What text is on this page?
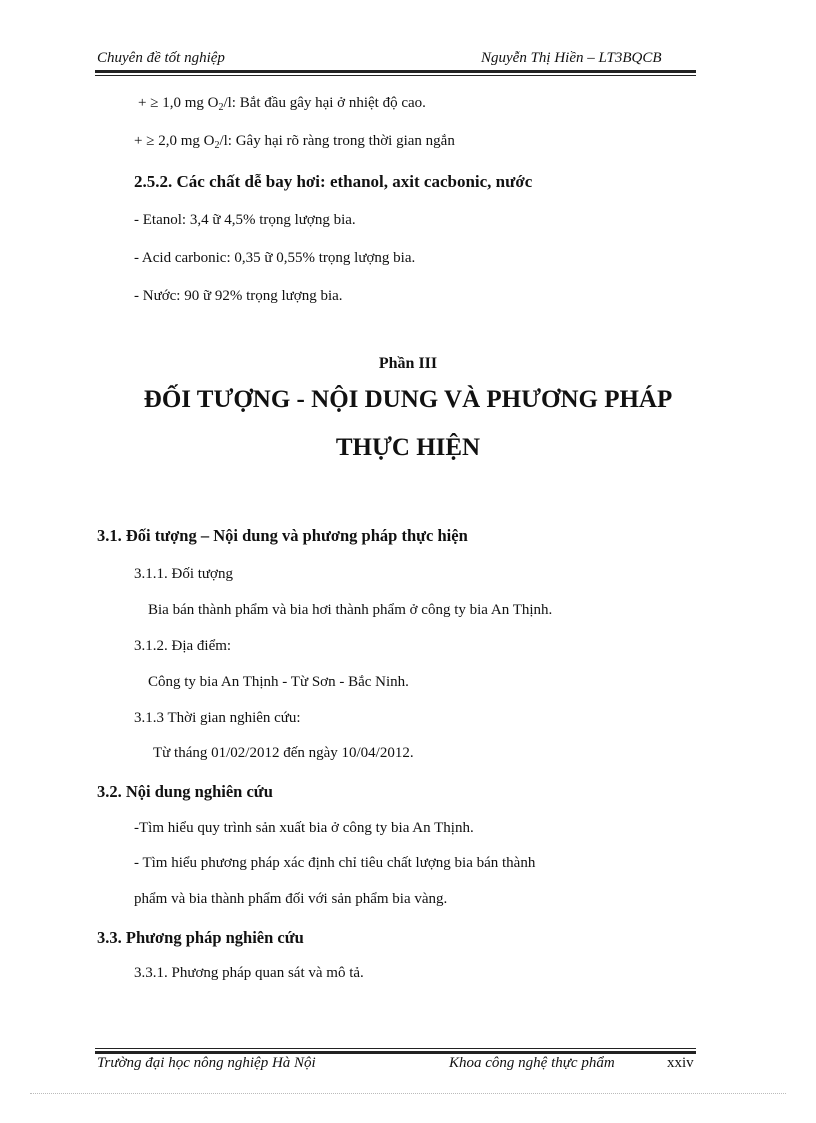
Chuyên đề tốt nghiệp	Nguyễn Thị Hiền – LT3BQCB
+ ≥ 1,0 mg $O_2/l$: Bắt đầu gây hại ở nhiệt độ cao.
+ ≥ 2,0 mg $O_2/l$: Gây hại rõ ràng trong thời gian ngắn
2.5.2. Các chất dễ bay hơi: ethanol, axit cacbonic, nước
- Etanol: 3,4 ữ 4,5% trọng lượng bia.
- Acid carbonic: 0,35 ữ 0,55% trọng lượng bia.
- Nước: 90 ữ 92% trọng lượng bia.
Phần III
ĐỐI TƯỢNG - NỘI DUNG VÀ PHƯƠNG PHÁP
THỰC HIỆN
3.1. Đối tượng – Nội dung và phương pháp thực hiện
3.1.1. Đối tượng
Bia bán thành phẩm và bia hơi thành phẩm ở công ty bia An Thịnh.
3.1.2. Địa điểm:
Công ty bia An Thịnh - Từ Sơn - Bắc Ninh.
3.1.3 Thời gian nghiên cứu:
Từ tháng 01/02/2012 đến ngày 10/04/2012.
3.2. Nội dung nghiên cứu
-Tìm hiểu quy trình sản xuất bia ở công ty bia An Thịnh.
- Tìm hiểu phương pháp xác định chỉ tiêu chất lượng bia bán thành
phẩm và bia thành phẩm đối với sản phẩm bia vàng.
3.3. Phương pháp nghiên cứu
3.3.1. Phương pháp quan sát và mô tả.
Trường đại học nông nghiệp Hà Nội	Khoa công nghệ thực phẩm	xxiv
